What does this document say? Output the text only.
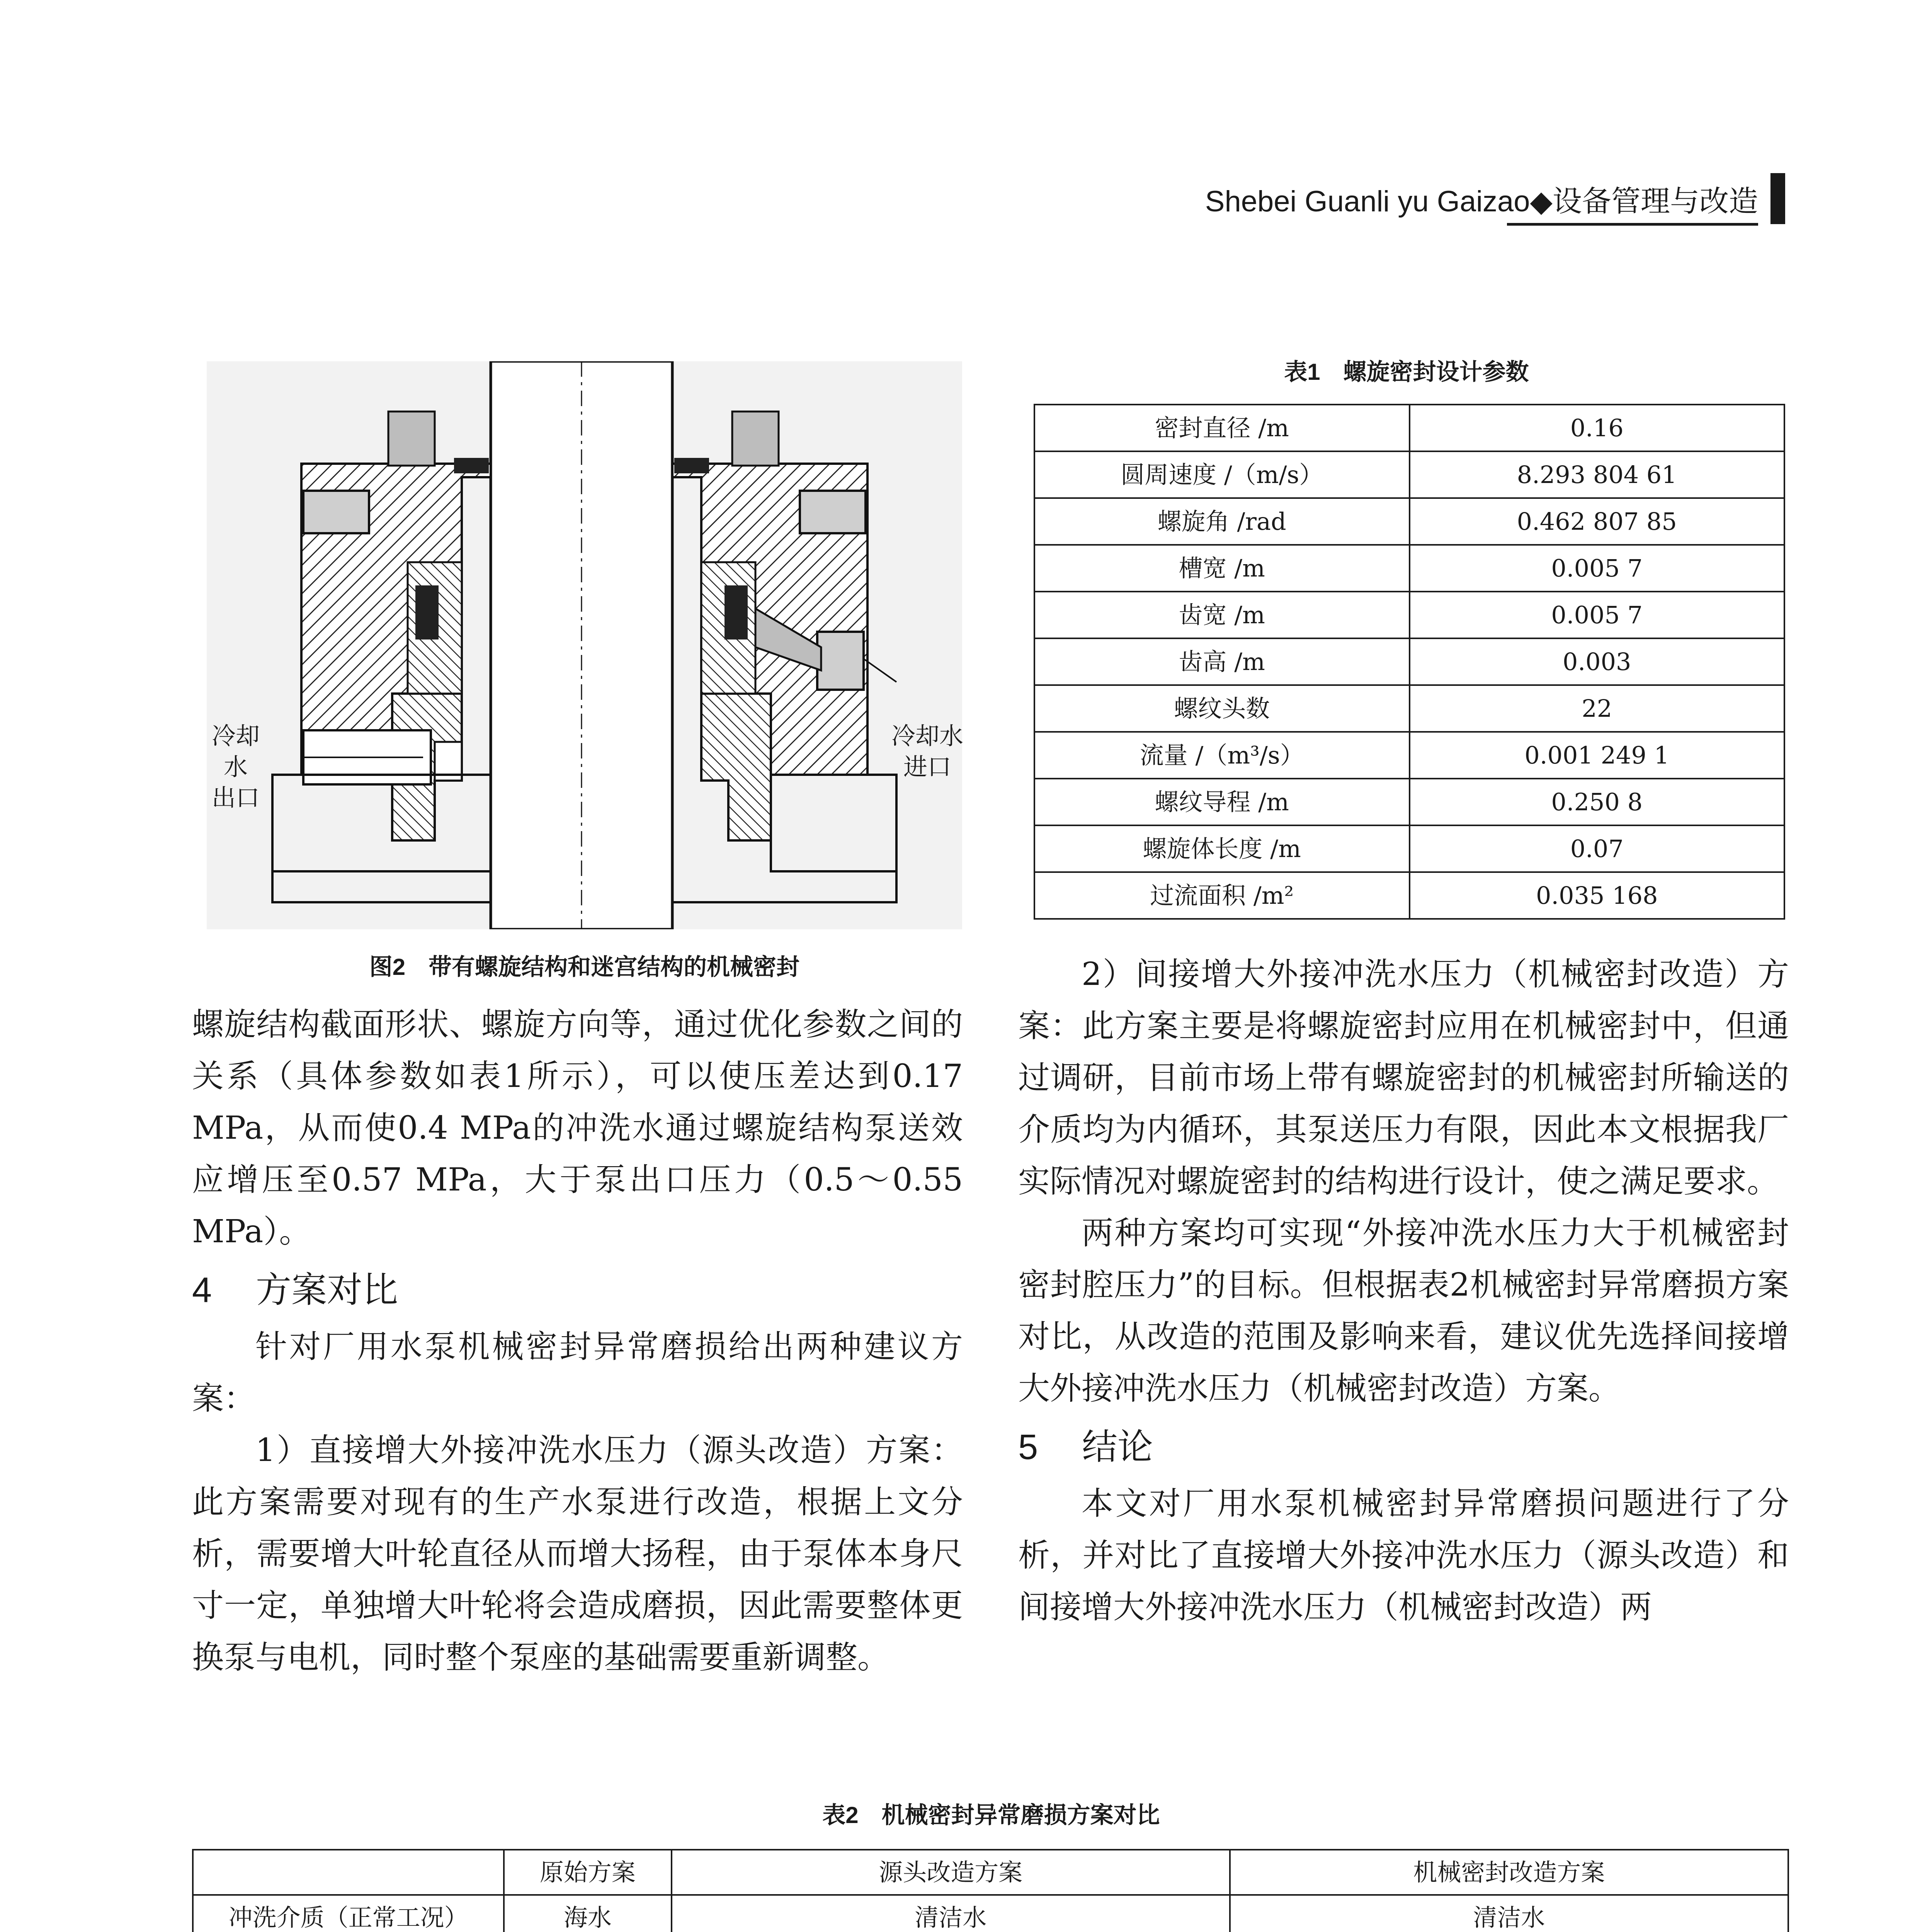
Shebei Guanli yu Gaizao◆设备管理与改造
冷却水
出口
冷却水
进口
图2　带有螺旋结构和迷宫结构的机械密封
表1　螺旋密封设计参数
密封直径 /m	0.16
圆周速度 /（m/s）	8.293 804 61
螺旋角 /rad	0.462 807 85
槽宽 /m	0.005 7
齿宽 /m	0.005 7
齿高 /m	0.003
螺纹头数	22
流量 /（m³/s）	0.001 249 1
螺纹导程 /m	0.250 8
螺旋体长度 /m	0.07
过流面积 /m²	0.035 168
螺旋结构截面形状、螺旋方向等，通过优化参数之间的关系（具体参数如表1所示），可以使压差达到0.17 MPa，从而使0.4 MPa的冲洗水通过螺旋结构泵送效应增压至0.57 MPa，大于泵出口压力（0.5～0.55 MPa）。
4 方案对比
针对厂用水泵机械密封异常磨损给出两种建议方案：
1）直接增大外接冲洗水压力（源头改造）方案：此方案需要对现有的生产水泵进行改造，根据上文分析，需要增大叶轮直径从而增大扬程，由于泵体本身尺寸一定，单独增大叶轮将会造成磨损，因此需要整体更换泵与电机，同时整个泵座的基础需要重新调整。
2）间接增大外接冲洗水压力（机械密封改造）方案：此方案主要是将螺旋密封应用在机械密封中，但通过调研，目前市场上带有螺旋密封的机械密封所输送的介质均为内循环，其泵送压力有限，因此本文根据我厂实际情况对螺旋密封的结构进行设计，使之满足要求。
两种方案均可实现“外接冲洗水压力大于机械密封密封腔压力”的目标。但根据表2机械密封异常磨损方案对比，从改造的范围及影响来看，建议优先选择间接增大外接冲洗水压力（机械密封改造）方案。
5 结论
本文对厂用水泵机械密封异常磨损问题进行了分析，并对比了直接增大外接冲洗水压力（源头改造）和间接增大外接冲洗水压力（机械密封改造）两
表2　机械密封异常磨损方案对比
	原始方案	源头改造方案	机械密封改造方案
冲洗介质（正常工况）	海水	清洁水	清洁水
